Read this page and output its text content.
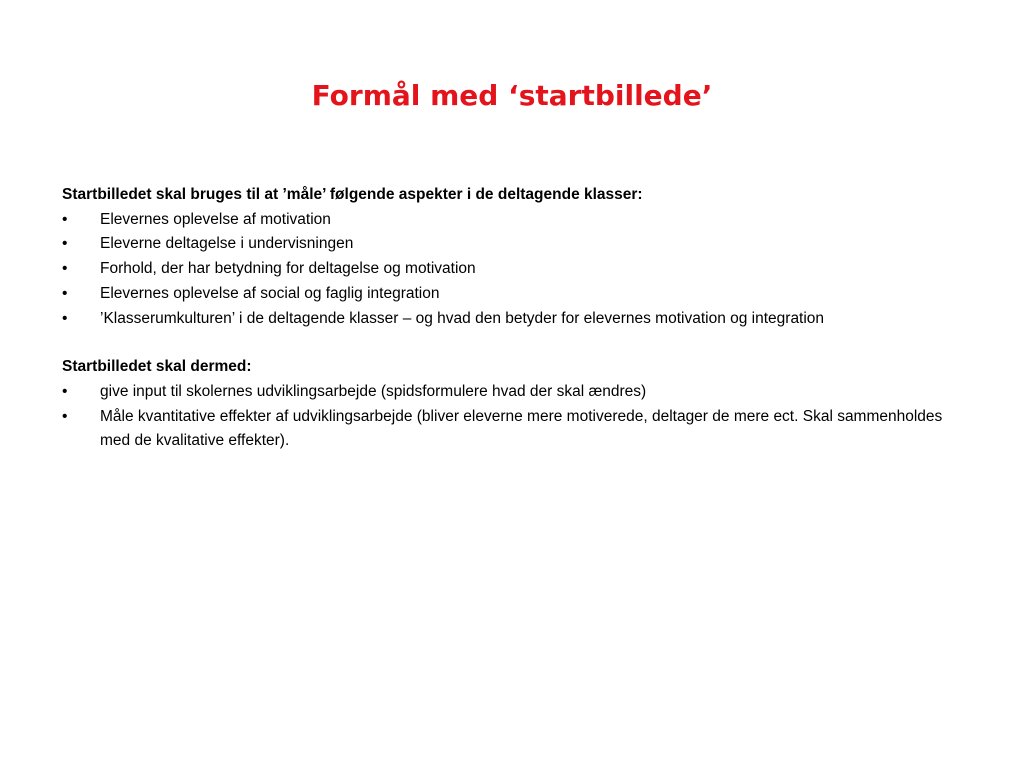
Formål med ‘startbillede’

Startbilledet skal bruges til at ’måle’ følgende aspekter i de deltagende klasser:

•	Elevernes oplevelse af motivation
•	Eleverne deltagelse i undervisningen
•	Forhold, der har betydning for deltagelse og motivation
•	Elevernes oplevelse af social og faglig integration
•	’Klasserumkulturen’ i de deltagende klasser – og hvad den betyder for elevernes motivation og integration

Startbilledet skal dermed:

•	give input til skolernes udviklingsarbejde (spidsformulere hvad der skal ændres)
•	Måle kvantitative effekter af udviklingsarbejde (bliver eleverne mere motiverede, deltager de mere ect. Skal sammenholdes med de kvalitative effekter).
